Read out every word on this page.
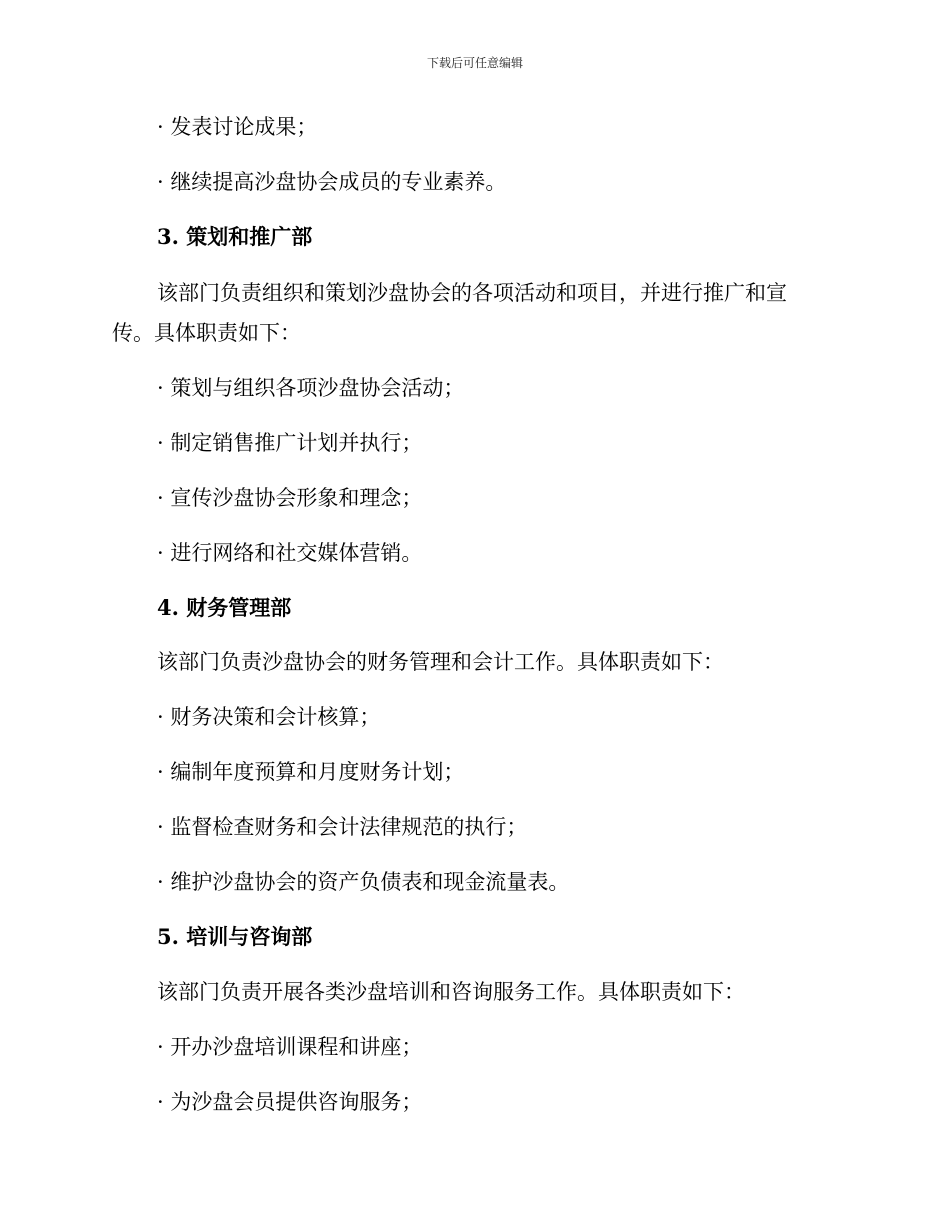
下载后可任意编辑
· 发表讨论成果；
· 继续提高沙盘协会成员的专业素养。
3. 策划和推广部
该部门负责组织和策划沙盘协会的各项活动和项目，并进行推广和宣
传。具体职责如下：
· 策划与组织各项沙盘协会活动；
· 制定销售推广计划并执行；
· 宣传沙盘协会形象和理念；
· 进行网络和社交媒体营销。
4. 财务管理部
该部门负责沙盘协会的财务管理和会计工作。具体职责如下：
· 财务决策和会计核算；
· 编制年度预算和月度财务计划；
· 监督检查财务和会计法律规范的执行；
· 维护沙盘协会的资产负债表和现金流量表。
5. 培训与咨询部
该部门负责开展各类沙盘培训和咨询服务工作。具体职责如下：
· 开办沙盘培训课程和讲座；
· 为沙盘会员提供咨询服务；
